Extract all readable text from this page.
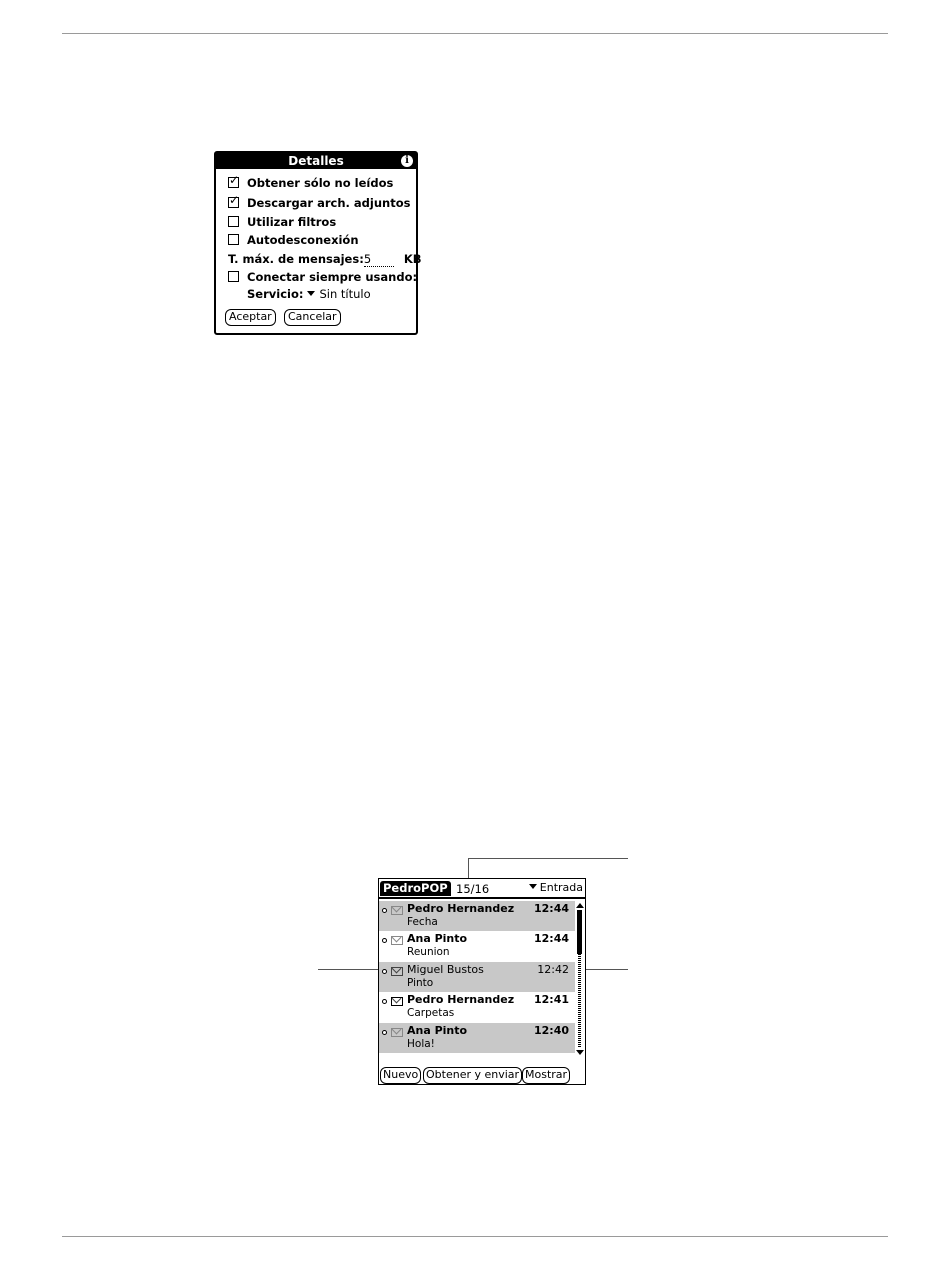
Detalles	i
✓ Obtener sólo no leídos
✓ Descargar arch. adjuntos
Utilizar filtros
Autodesconexión
T. máx. de mensajes:5	KB
Conectar siempre usando:
Servicio: Sin título
Aceptar	Cancelar
PedroPOP 15/16	Entrada
Pedro Hernandez 12:44
Fecha
Ana Pinto	12:44
Reunion
Miguel Bustos	12:42
Pinto
Pedro Hernandez 12:41
Carpetas
Ana Pinto	12:40
Hola!
Nuevo Obtener y enviar Mostrar
